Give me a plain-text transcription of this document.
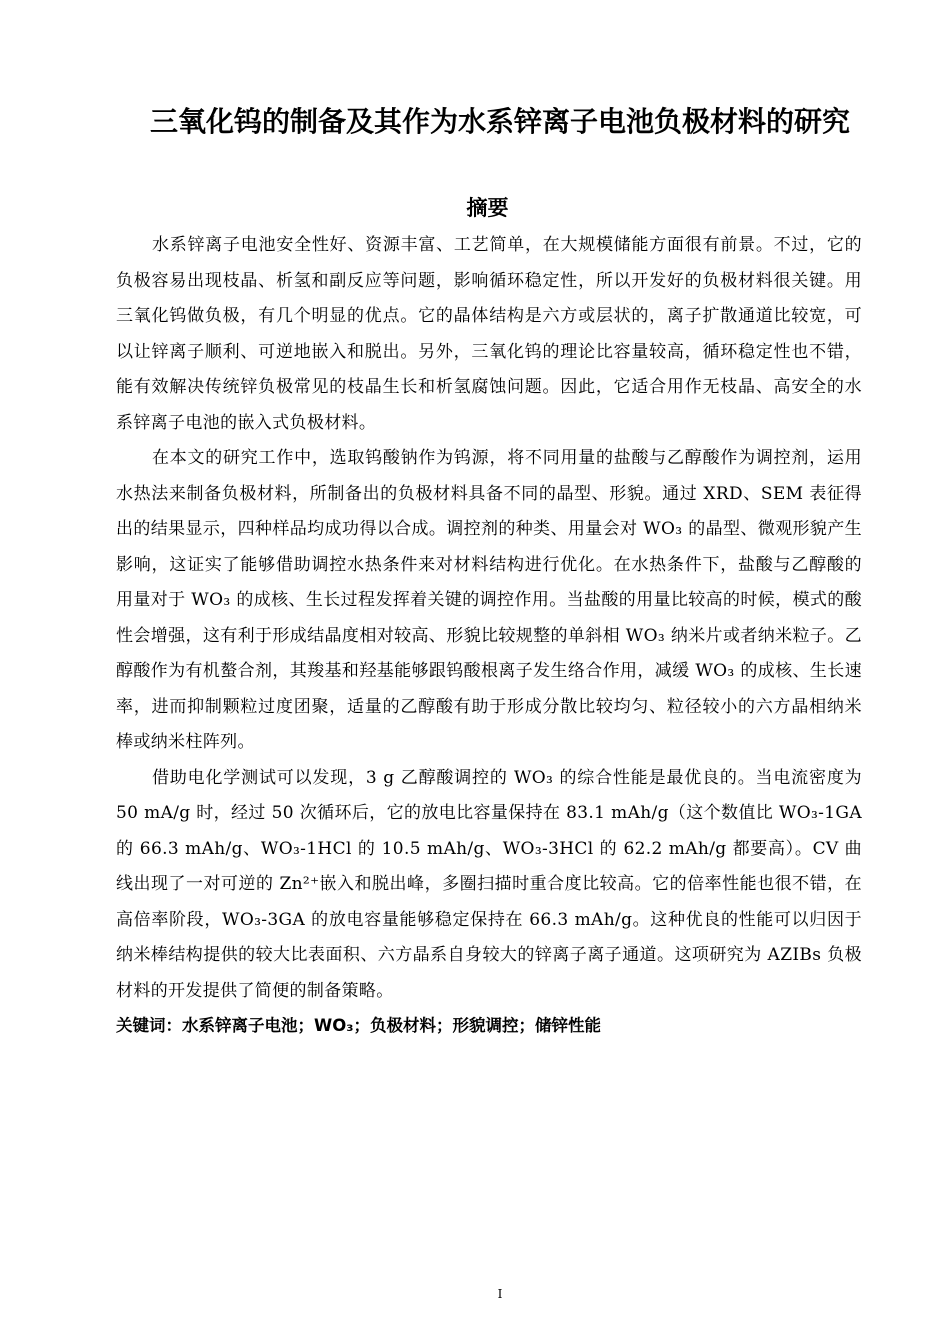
三氧化钨的制备及其作为水系锌离子电池负极材料的研究
摘要

水系锌离子电池安全性好、资源丰富、工艺简单，在大规模储能方面很有前景。不过，它的负极容易出现枝晶、析氢和副反应等问题，影响循环稳定性，所以开发好的负极材料很关键。用三氧化钨做负极，有几个明显的优点。它的晶体结构是六方或层状的，离子扩散通道比较宽，可以让锌离子顺利、可逆地嵌入和脱出。另外，三氧化钨的理论比容量较高，循环稳定性也不错，能有效解决传统锌负极常见的枝晶生长和析氢腐蚀问题。因此，它适合用作无枝晶、高安全的水系锌离子电池的嵌入式负极材料。

在本文的研究工作中，选取钨酸钠作为钨源，将不同用量的盐酸与乙醇酸作为调控剂，运用水热法来制备负极材料，所制备出的负极材料具备不同的晶型、形貌。通过 XRD、SEM 表征得出的结果显示，四种样品均成功得以合成。调控剂的种类、用量会对 WO₃ 的晶型、微观形貌产生影响，这证实了能够借助调控水热条件来对材料结构进行优化。在水热条件下，盐酸与乙醇酸的用量对于 WO₃ 的成核、生长过程发挥着关键的调控作用。当盐酸的用量比较高的时候，模式的酸性会增强，这有利于形成结晶度相对较高、形貌比较规整的单斜相 WO₃ 纳米片或者纳米粒子。乙醇酸作为有机螯合剂，其羧基和羟基能够跟钨酸根离子发生络合作用，减缓 WO₃ 的成核、生长速率，进而抑制颗粒过度团聚，适量的乙醇酸有助于形成分散比较均匀、粒径较小的六方晶相纳米棒或纳米柱阵列。

借助电化学测试可以发现，3 g 乙醇酸调控的 WO₃ 的综合性能是最优良的。当电流密度为 50 mA/g 时，经过 50 次循环后，它的放电比容量保持在 83.1 mAh/g（这个数值比 WO₃-1GA 的 66.3 mAh/g、WO₃-1HCl 的 10.5 mAh/g、WO₃-3HCl 的 62.2 mAh/g 都要高）。CV 曲线出现了一对可逆的 Zn²⁺嵌入和脱出峰，多圈扫描时重合度比较高。它的倍率性能也很不错，在高倍率阶段，WO₃-3GA 的放电容量能够稳定保持在 66.3 mAh/g。这种优良的性能可以归因于纳米棒结构提供的较大比表面积、六方晶系自身较大的锌离子离子通道。这项研究为 AZIBs 负极材料的开发提供了简便的制备策略。

关键词：水系锌离子电池；WO₃；负极材料；形貌调控；储锌性能

I
